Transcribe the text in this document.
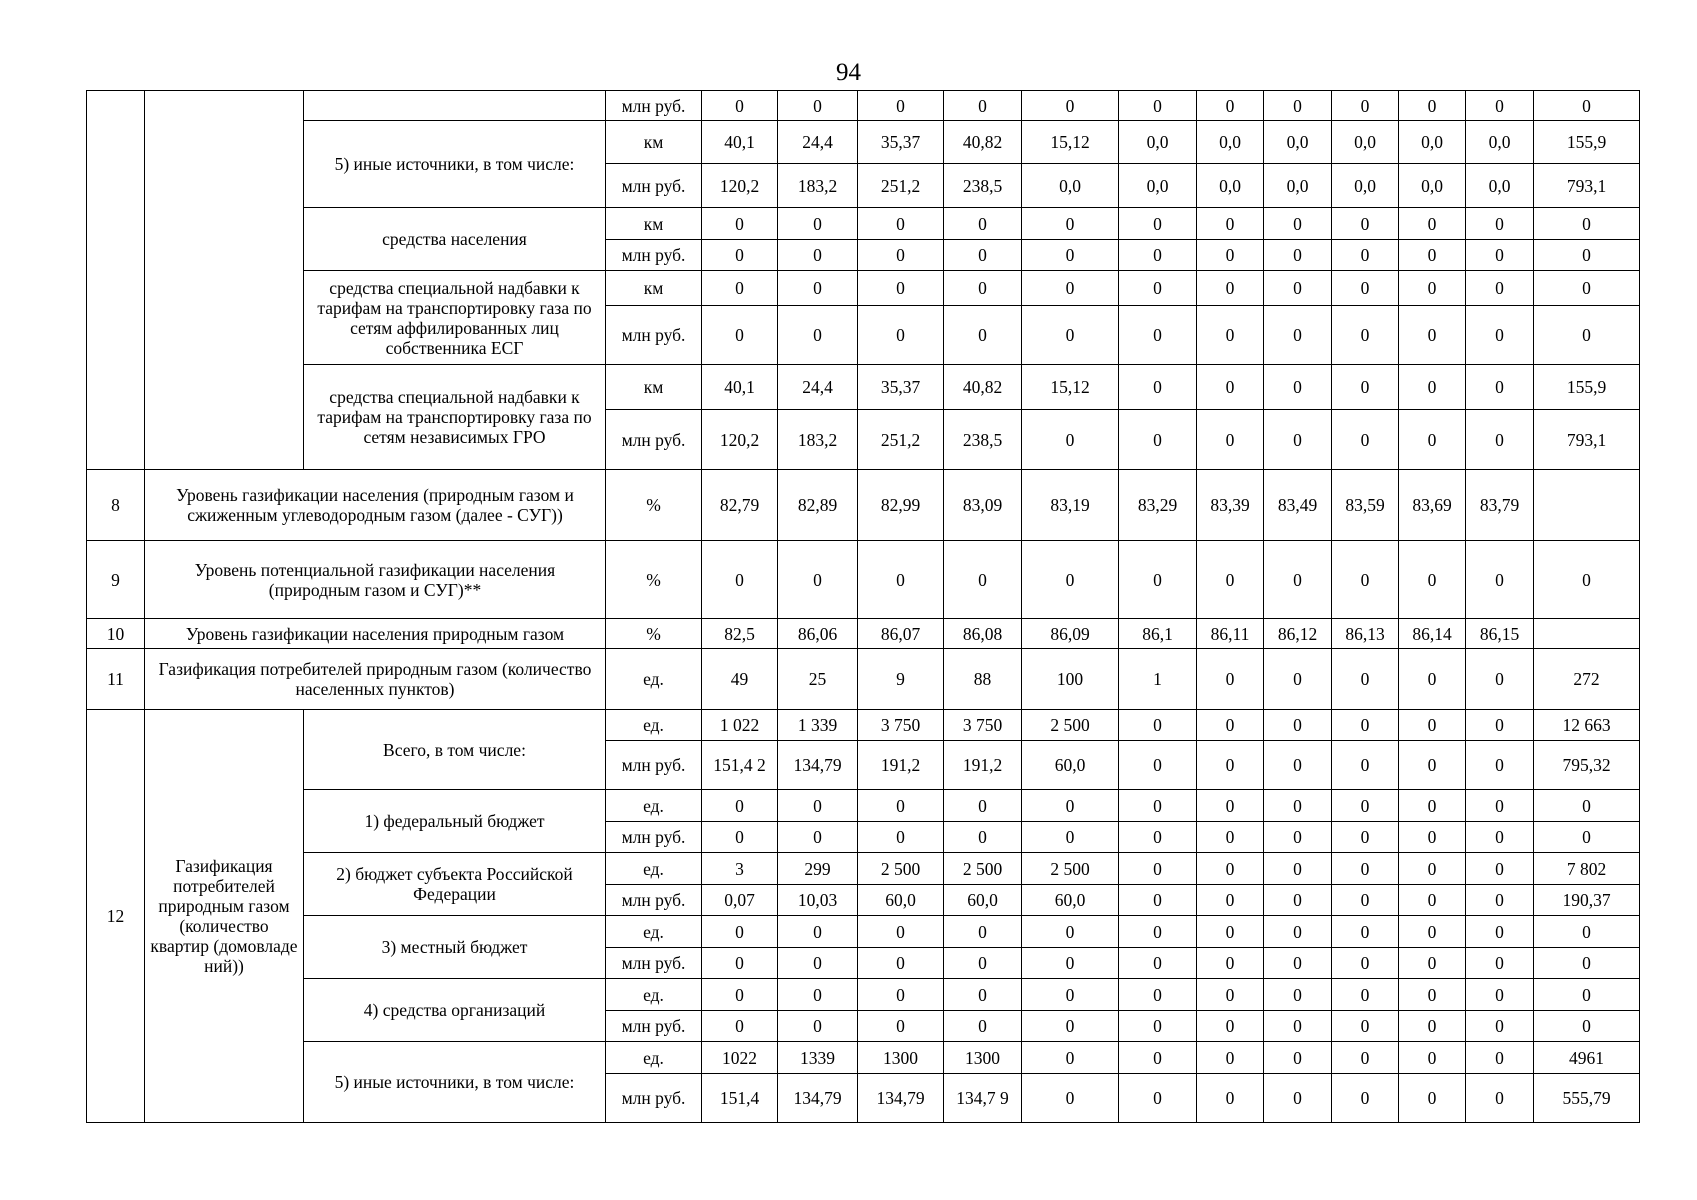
94
			млн руб.	0	0	0	0	0	0	0	0	0	0	0	0
		5) иные источники, в том числе:	км	40,1	24,4	35,37	40,82	15,12	0,0	0,0	0,0	0,0	0,0	0,0	155,9
			млн руб.	120,2	183,2	251,2	238,5	0,0	0,0	0,0	0,0	0,0	0,0	0,0	793,1
		средства населения	км	0	0	0	0	0	0	0	0	0	0	0	0
			млн руб.	0	0	0	0	0	0	0	0	0	0	0	0
		средства специальной надбавки к тарифам на транспортировку газа по сетям аффилированных лиц собственника ЕСГ	км	0	0	0	0	0	0	0	0	0	0	0	0
			млн руб.	0	0	0	0	0	0	0	0	0	0	0	0
		средства специальной надбавки к тарифам на транспортировку газа по сетям независимых ГРО	км	40,1	24,4	35,37	40,82	15,12	0	0	0	0	0	0	155,9
			млн руб.	120,2	183,2	251,2	238,5	0	0	0	0	0	0	0	793,1
8	Уровень газификации населения (природным газом и сжиженным углеводородным газом (далее - СУГ))		%	82,79	82,89	82,99	83,09	83,19	83,29	83,39	83,49	83,59	83,69	83,79	
9	Уровень потенциальной газификации населения (природным газом и СУГ)**		%	0	0	0	0	0	0	0	0	0	0	0	0
10	Уровень газификации населения природным газом		%	82,5	86,06	86,07	86,08	86,09	86,1	86,11	86,12	86,13	86,14	86,15	
11	Газификация потребителей природным газом (количество населенных пунктов)		ед.	49	25	9	88	100	1	0	0	0	0	0	272
12	Газификация потребителей природным газом (количество квартир (домовладе ний))	Всего, в том числе:	ед.	1 022	1 339	3 750	3 750	2 500	0	0	0	0	0	0	12 663
			млн руб.	151,4 2	134,79	191,2	191,2	60,0	0	0	0	0	0	0	795,32
		1) федеральный бюджет	ед.	0	0	0	0	0	0	0	0	0	0	0	0
			млн руб.	0	0	0	0	0	0	0	0	0	0	0	0
		2) бюджет субъекта Российской Федерации	ед.	3	299	2 500	2 500	2 500	0	0	0	0	0	0	7 802
			млн руб.	0,07	10,03	60,0	60,0	60,0	0	0	0	0	0	0	190,37
		3) местный бюджет	ед.	0	0	0	0	0	0	0	0	0	0	0	0
			млн руб.	0	0	0	0	0	0	0	0	0	0	0	0
		4) средства организаций	ед.	0	0	0	0	0	0	0	0	0	0	0	0
			млн руб.	0	0	0	0	0	0	0	0	0	0	0	0
		5) иные источники, в том числе:	ед.	1022	1339	1300	1300	0	0	0	0	0	0	0	4961
			млн руб.	151,4	134,79	134,79	134,7 9	0	0	0	0	0	0	0	555,79
